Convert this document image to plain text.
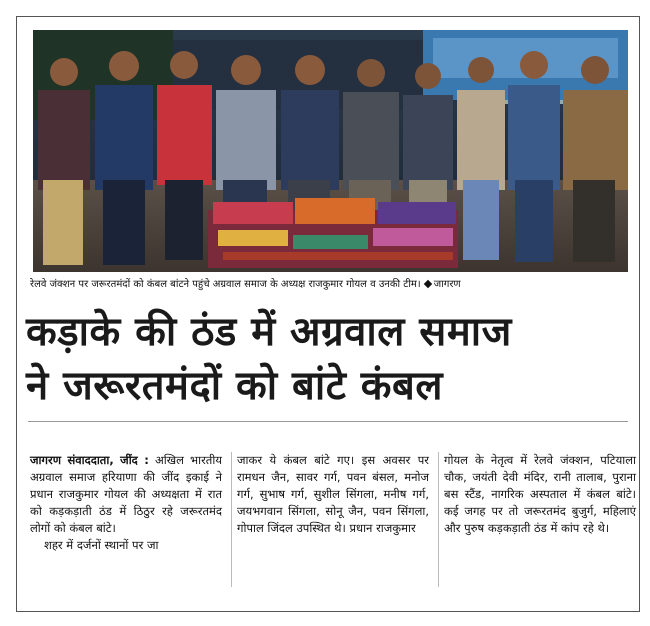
रेलवे जंक्शन पर जरूरतमंदों को कंबल बांटने पहुंचे अग्रवाल समाज के अध्यक्ष राजकुमार गोयल व उनकी टीम। जागरण
कड़ाके की ठंड में अग्रवाल समाज
ने जरूरतमंदों को बांटे कंबल
जागरण संवाददाता, जींद : अखिल भारतीय अग्रवाल समाज हरियाणा की जींद इकाई ने प्रधान राजकुमार गोयल की अध्यक्षता में रात को कड़कड़ाती ठंड में ठिठुर रहे जरूरतमंद लोगों को कंबल बांटे।
शहर में दर्जनों स्थानों पर जा
जाकर ये कंबल बांटे गए। इस अवसर पर रामधन जैन, सावर गर्ग, पवन बंसल, मनोज गर्ग, सुभाष गर्ग, सुशील सिंगला, मनीष गर्ग, जयभगवान सिंगला, सोनू जैन, पवन सिंगला, गोपाल जिंदल उपस्थित थे। प्रधान राजकुमार
गोयल के नेतृत्व में रेलवे जंक्शन, पटियाला चौक, जयंती देवी मंदिर, रानी तालाब, पुराना बस स्टैंड, नागरिक अस्पताल में कंबल बांटे। कई जगह पर तो जरूरतमंद बुजुर्ग, महिलाएं और पुरुष कड़कड़ाती ठंड में कांप रहे थे।
